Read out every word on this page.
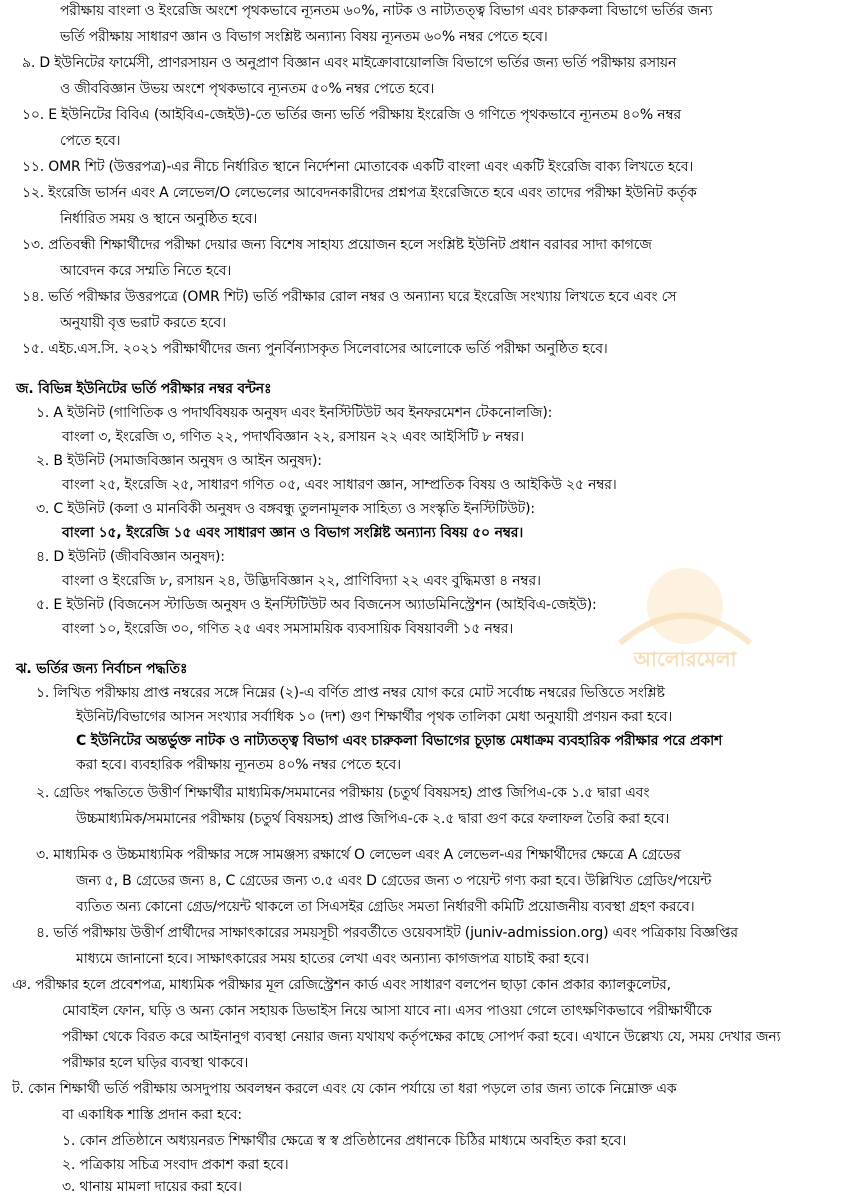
পরীক্ষায় বাংলা ও ইংরেজি অংশে পৃথকভাবে ন্যূনতম ৬০%, নাটক ও নাট্যতত্ত্ব বিভাগ এবং চারুকলা বিভাগে ভর্তির জন্য
ভর্তি পরীক্ষায় সাধারণ জ্ঞান ও বিভাগ সংশ্লিষ্ট অন্যান্য বিষয় ন্যূনতম ৬০% নম্বর পেতে হবে।
৯. D ইউনিটের ফার্মেসী, প্রাণরসায়ন ও অনুপ্রাণ বিজ্ঞান এবং মাইক্রোবায়োলজি বিভাগে ভর্তির জন্য ভর্তি পরীক্ষায় রসায়ন
ও জীববিজ্ঞান উভয় অংশে পৃথকভাবে ন্যূনতম ৫০% নম্বর পেতে হবে।
১০. E ইউনিটের বিবিএ (আইবিএ-জেইউ)-তে ভর্তির জন্য ভর্তি পরীক্ষায় ইংরেজি ও গণিতে পৃথকভাবে ন্যূনতম ৪০% নম্বর
পেতে হবে।
১১. OMR শিট (উত্তরপত্র)-এর নীচে নির্ধারিত স্থানে নির্দেশনা মোতাবেক একটি বাংলা এবং একটি ইংরেজি বাক্য লিখতে হবে।
১২. ইংরেজি ভার্সন এবং A লেভেল/O লেভেলের আবেদনকারীদের প্রশ্নপত্র ইংরেজিতে হবে এবং তাদের পরীক্ষা ইউনিট কর্তৃক
নির্ধারিত সময় ও স্থানে অনুষ্ঠিত হবে।
১৩. প্রতিবন্ধী শিক্ষার্থীদের পরীক্ষা দেয়ার জন্য বিশেষ সাহায্য প্রয়োজন হলে সংশ্লিষ্ট ইউনিট প্রধান বরাবর সাদা কাগজে
আবেদন করে সম্মতি নিতে হবে।
১৪. ভর্তি পরীক্ষার উত্তরপত্রে (OMR শিট) ভর্তি পরীক্ষার রোল নম্বর ও অন্যান্য ঘরে ইংরেজি সংখ্যায় লিখতে হবে এবং সে
অনুযায়ী বৃত্ত ভরাট করতে হবে।
১৫. এইচ.এস.সি. ২০২১ পরীক্ষার্থীদের জন্য পুনর্বিন্যাসকৃত সিলেবাসের আলোকে ভর্তি পরীক্ষা অনুষ্ঠিত হবে।
জ. বিভিন্ন ইউনিটের ভর্তি পরীক্ষার নম্বর বন্টনঃ
১. A ইউনিট (গাণিতিক ও পদার্থবিষয়ক অনুষদ এবং ইনস্টিটিউট অব ইনফরমেশন টেকনোলজি):
বাংলা ৩, ইংরেজি ৩, গণিত ২২, পদার্থবিজ্ঞান ২২, রসায়ন ২২ এবং আইসিটি ৮ নম্বর।
২. B ইউনিট (সমাজবিজ্ঞান অনুষদ ও আইন অনুষদ):
বাংলা ২৫, ইংরেজি ২৫, সাধারণ গণিত ০৫, এবং সাধারণ জ্ঞান, সাম্প্রতিক বিষয় ও আইকিউ ২৫ নম্বর।
৩. C ইউনিট (কলা ও মানবিকী অনুষদ ও বঙ্গবন্ধু তুলনামূলক সাহিত্য ও সংস্কৃতি ইনস্টিটিউট):
বাংলা ১৫, ইংরেজি ১৫ এবং সাধারণ জ্ঞান ও বিভাগ সংশ্লিষ্ট অন্যান্য বিষয় ৫০ নম্বর।
৪. D ইউনিট (জীববিজ্ঞান অনুষদ):
বাংলা ও ইংরেজি ৮, রসায়ন ২৪, উদ্ভিদবিজ্ঞান ২২, প্রাণিবিদ্যা ২২ এবং বুদ্ধিমত্তা ৪ নম্বর।
৫. E ইউনিট (বিজনেস স্টাডিজ অনুষদ ও ইনস্টিটিউট অব বিজনেস অ্যাডমিনিস্ট্রেশন (আইবিএ-জেইউ):
বাংলা ১০, ইংরেজি ৩০, গণিত ২৫ এবং সমসাময়িক ব্যবসায়িক বিষয়াবলী ১৫ নম্বর।
ঝ. ভর্তির জন্য নির্বাচন পদ্ধতিঃ
১. লিখিত পরীক্ষায় প্রাপ্ত নম্বরের সঙ্গে নিম্নের (২)-এ বর্ণিত প্রাপ্ত নম্বর যোগ করে মোট সর্বোচ্চ নম্বরের ভিত্তিতে সংশ্লিষ্ট
ইউনিট/বিভাগের আসন সংখ্যার সর্বাধিক ১০ (দশ) গুণ শিক্ষার্থীর পৃথক তালিকা মেধা অনুযায়ী প্রণয়ন করা হবে।
C ইউনিটের অন্তর্ভুক্ত নাটক ও নাট্যতত্ত্ব বিভাগ এবং চারুকলা বিভাগের চূড়ান্ত মেধাক্রম ব্যবহারিক পরীক্ষার পরে প্রকাশ
করা হবে। ব্যবহারিক পরীক্ষায় ন্যূনতম ৪০% নম্বর পেতে হবে।
২. গ্রেডিং পদ্ধতিতে উত্তীর্ণ শিক্ষার্থীর মাধ্যমিক/সমমানের পরীক্ষায় (চতুর্থ বিষয়সহ) প্রাপ্ত জিপিএ-কে ১.৫ দ্বারা এবং
উচ্চমাধ্যমিক/সমমানের পরীক্ষায় (চতুর্থ বিষয়সহ) প্রাপ্ত জিপিএ-কে ২.৫ দ্বারা গুণ করে ফলাফল তৈরি করা হবে।
৩. মাধ্যমিক ও উচ্চমাধ্যমিক পরীক্ষার সঙ্গে সামঞ্জস্য রক্ষার্থে O লেভেল এবং A লেভেল-এর শিক্ষার্থীদের ক্ষেত্রে A গ্রেডের
জন্য ৫, B গ্রেডের জন্য ৪, C গ্রেডের জন্য ৩.৫ এবং D গ্রেডের জন্য ৩ পয়েন্ট গণ্য করা হবে। উল্লিখিত গ্রেডিং/পয়েন্ট
ব্যতিত অন্য কোনো গ্রেড/পয়েন্ট থাকলে তা সিএসইর গ্রেডিং সমতা নির্ধারণী কমিটি প্রয়োজনীয় ব্যবস্থা গ্রহণ করবে।
৪. ভর্তি পরীক্ষায় উত্তীর্ণ প্রার্থীদের সাক্ষাৎকারের সময়সূচী পরবর্তীতে ওয়েবসাইট (juniv-admission.org) এবং পত্রিকায় বিজ্ঞপ্তির
মাধ্যমে জানানো হবে। সাক্ষাৎকারের সময় হাতের লেখা এবং অন্যান্য কাগজপত্র যাচাই করা হবে।
ঞ. পরীক্ষার হলে প্রবেশপত্র, মাধ্যমিক পরীক্ষার মূল রেজিস্ট্রেশন কার্ড এবং সাধারণ বলপেন ছাড়া কোন প্রকার ক্যালকুলেটর,
মোবাইল ফোন, ঘড়ি ও অন্য কোন সহায়ক ডিভাইস নিয়ে আসা যাবে না। এসব পাওয়া গেলে তাৎক্ষণিকভাবে পরীক্ষার্থীকে
পরীক্ষা থেকে বিরত করে আইনানুগ ব্যবস্থা নেয়ার জন্য যথাযথ কর্তৃপক্ষের কাছে সোপর্দ করা হবে। এখানে উল্লেখ্য যে, সময় দেখার জন্য
পরীক্ষার হলে ঘড়ির ব্যবস্থা থাকবে।
ট. কোন শিক্ষার্থী ভর্তি পরীক্ষায় অসদুপায় অবলম্বন করলে এবং যে কোন পর্যায়ে তা ধরা পড়লে তার জন্য তাকে নিম্নোক্ত এক
বা একাধিক শাস্তি প্রদান করা হবে:
১. কোন প্রতিষ্ঠানে অধ্যয়নরত শিক্ষার্থীর ক্ষেত্রে স্ব স্ব প্রতিষ্ঠানের প্রধানকে চিঠির মাধ্যমে অবহিত করা হবে।
২. পত্রিকায় সচিত্র সংবাদ প্রকাশ করা হবে।
৩. থানায় মামলা দায়ের করা হবে।
আলোরমেলা
